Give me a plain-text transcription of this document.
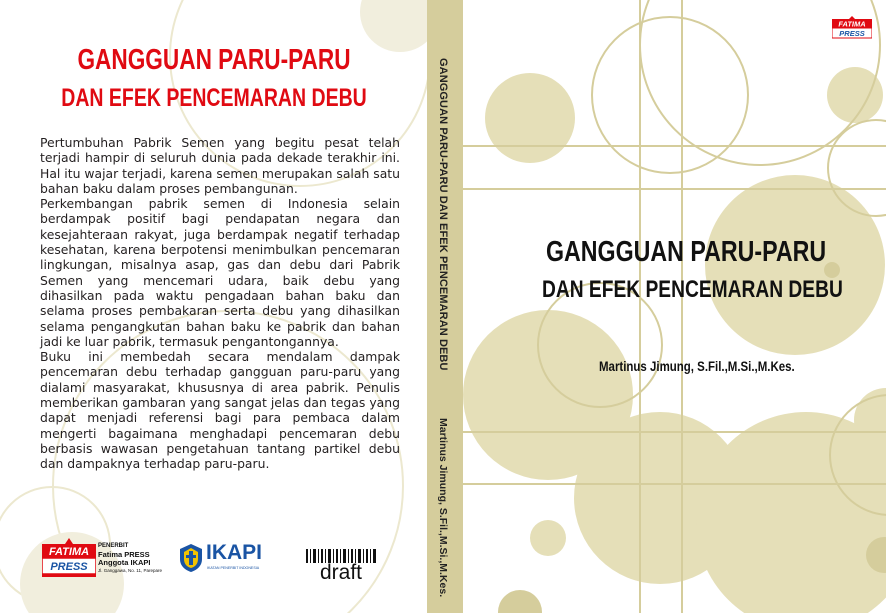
GANGGUAN PARU-PARU
DAN EFEK PENCEMARAN DEBU

Pertumbuhan Pabrik Semen yang begitu pesat telah terjadi hampir di seluruh dunia pada dekade terakhir ini. Hal itu wajar terjadi, karena semen merupakan salah satu bahan baku dalam proses pembangunan.

Perkembangan pabrik semen di Indonesia selain berdampak positif bagi pendapatan negara dan kesejahteraan rakyat, juga berdampak negatif terhadap kesehatan, karena berpotensi menimbulkan pencemaran lingkungan, misalnya asap, gas dan debu dari Pabrik Semen yang mencemari udara, baik debu yang dihasilkan pada waktu pengadaan bahan baku dan selama proses pembakaran serta debu yang dihasilkan selama pengangkutan bahan baku ke pabrik dan bahan jadi ke luar pabrik, termasuk pengantongannya.

Buku ini membedah secara mendalam dampak pencemaran debu terhadap gangguan paru-paru yang dialami masyarakat, khususnya di area pabrik. Penulis memberikan gambaran yang sangat jelas dan tegas yang dapat menjadi referensi bagi para pembaca dalam mengerti bagaimana menghadapi pencemaran debu berbasis wawasan pengetahuan tantang partikel debu dan dampaknya terhadap paru-paru.

FATIMA
PRESS
PENERBIT
Fatima PRESS
Anggota IKAPI
Jl. Ganggawa, No. 11, Parepare
IKAPI
IKATAN PENERBIT INDONESIA	draft
GANGGUAN PARU-PARU DAN EFEK PENCEMARAN DEBU
Martinus Jimung, S.Fil.,M.Si.,M.Kes.
FATIMA
PRESS
GANGGUAN PARU-PARU
DAN EFEK PENCEMARAN DEBU
Martinus Jimung, S.Fil.,M.Si.,M.Kes.
